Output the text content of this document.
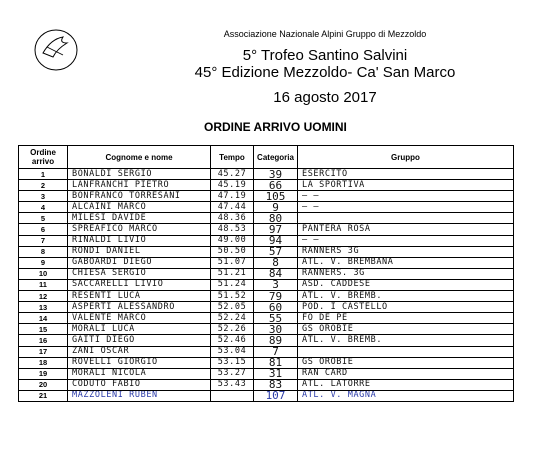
Associazione Nazionale Alpini Gruppo di Mezzoldo
5° Trofeo Santino Salvini
45° Edizione Mezzoldo- Ca' San Marco
16 agosto 2017
ORDINE ARRIVO UOMINI
Ordine arrivo	Cognome e nome	Tempo	Categoria	Gruppo
1	BONALDI SERGIO	45.27	39	ESERCITO
2	LANFRANCHI PIETRO	45.19	66	LA SPORTIVA
3	BONFRANCO TORRESANI	47.19	105	— —
4	ALCAINI MARCO	47.44	9	— —
5	MILESI DAVIDE	48.36	80	
6	SPREAFICO MARCO	48.53	97	PANTERA ROSA
7	RINALDI LIVIO	49.00	94	— —
8	RONDI DANIEL	50.50	57	RANNERS 3G
9	GABOARDI DIEGO	51.07	8	ATL. V. BREMBANA
10	CHIESA SERGIO	51.21	84	RANNERS. 3G
11	SACCARELLI LIVIO	51.24	3	ASD. CADDESE
12	RESENTI LUCA	51.52	79	ATL. V. BREMB.
13	ASPERTI ALESSANDRO	52.05	60	POD. I CASTELLO
14	VALENTE MARCO	52.24	55	FO DE PE
15	MORALI LUCA	52.26	30	GS OROBIE
16	GAITI DIEGO	52.46	89	ATL. V. BREMB.
17	ZANI OSCAR	53.04	7	
18	ROVELLI GIORGIO	53.15	81	GS OROBIE
19	MORALI NICOLA	53.27	31	RAN CARD
20	CODUTO FABIO	53.43	83	ATL. LATORRE
21	MAZZOLENI RUBEN		107	ATL. V. MAGNA
